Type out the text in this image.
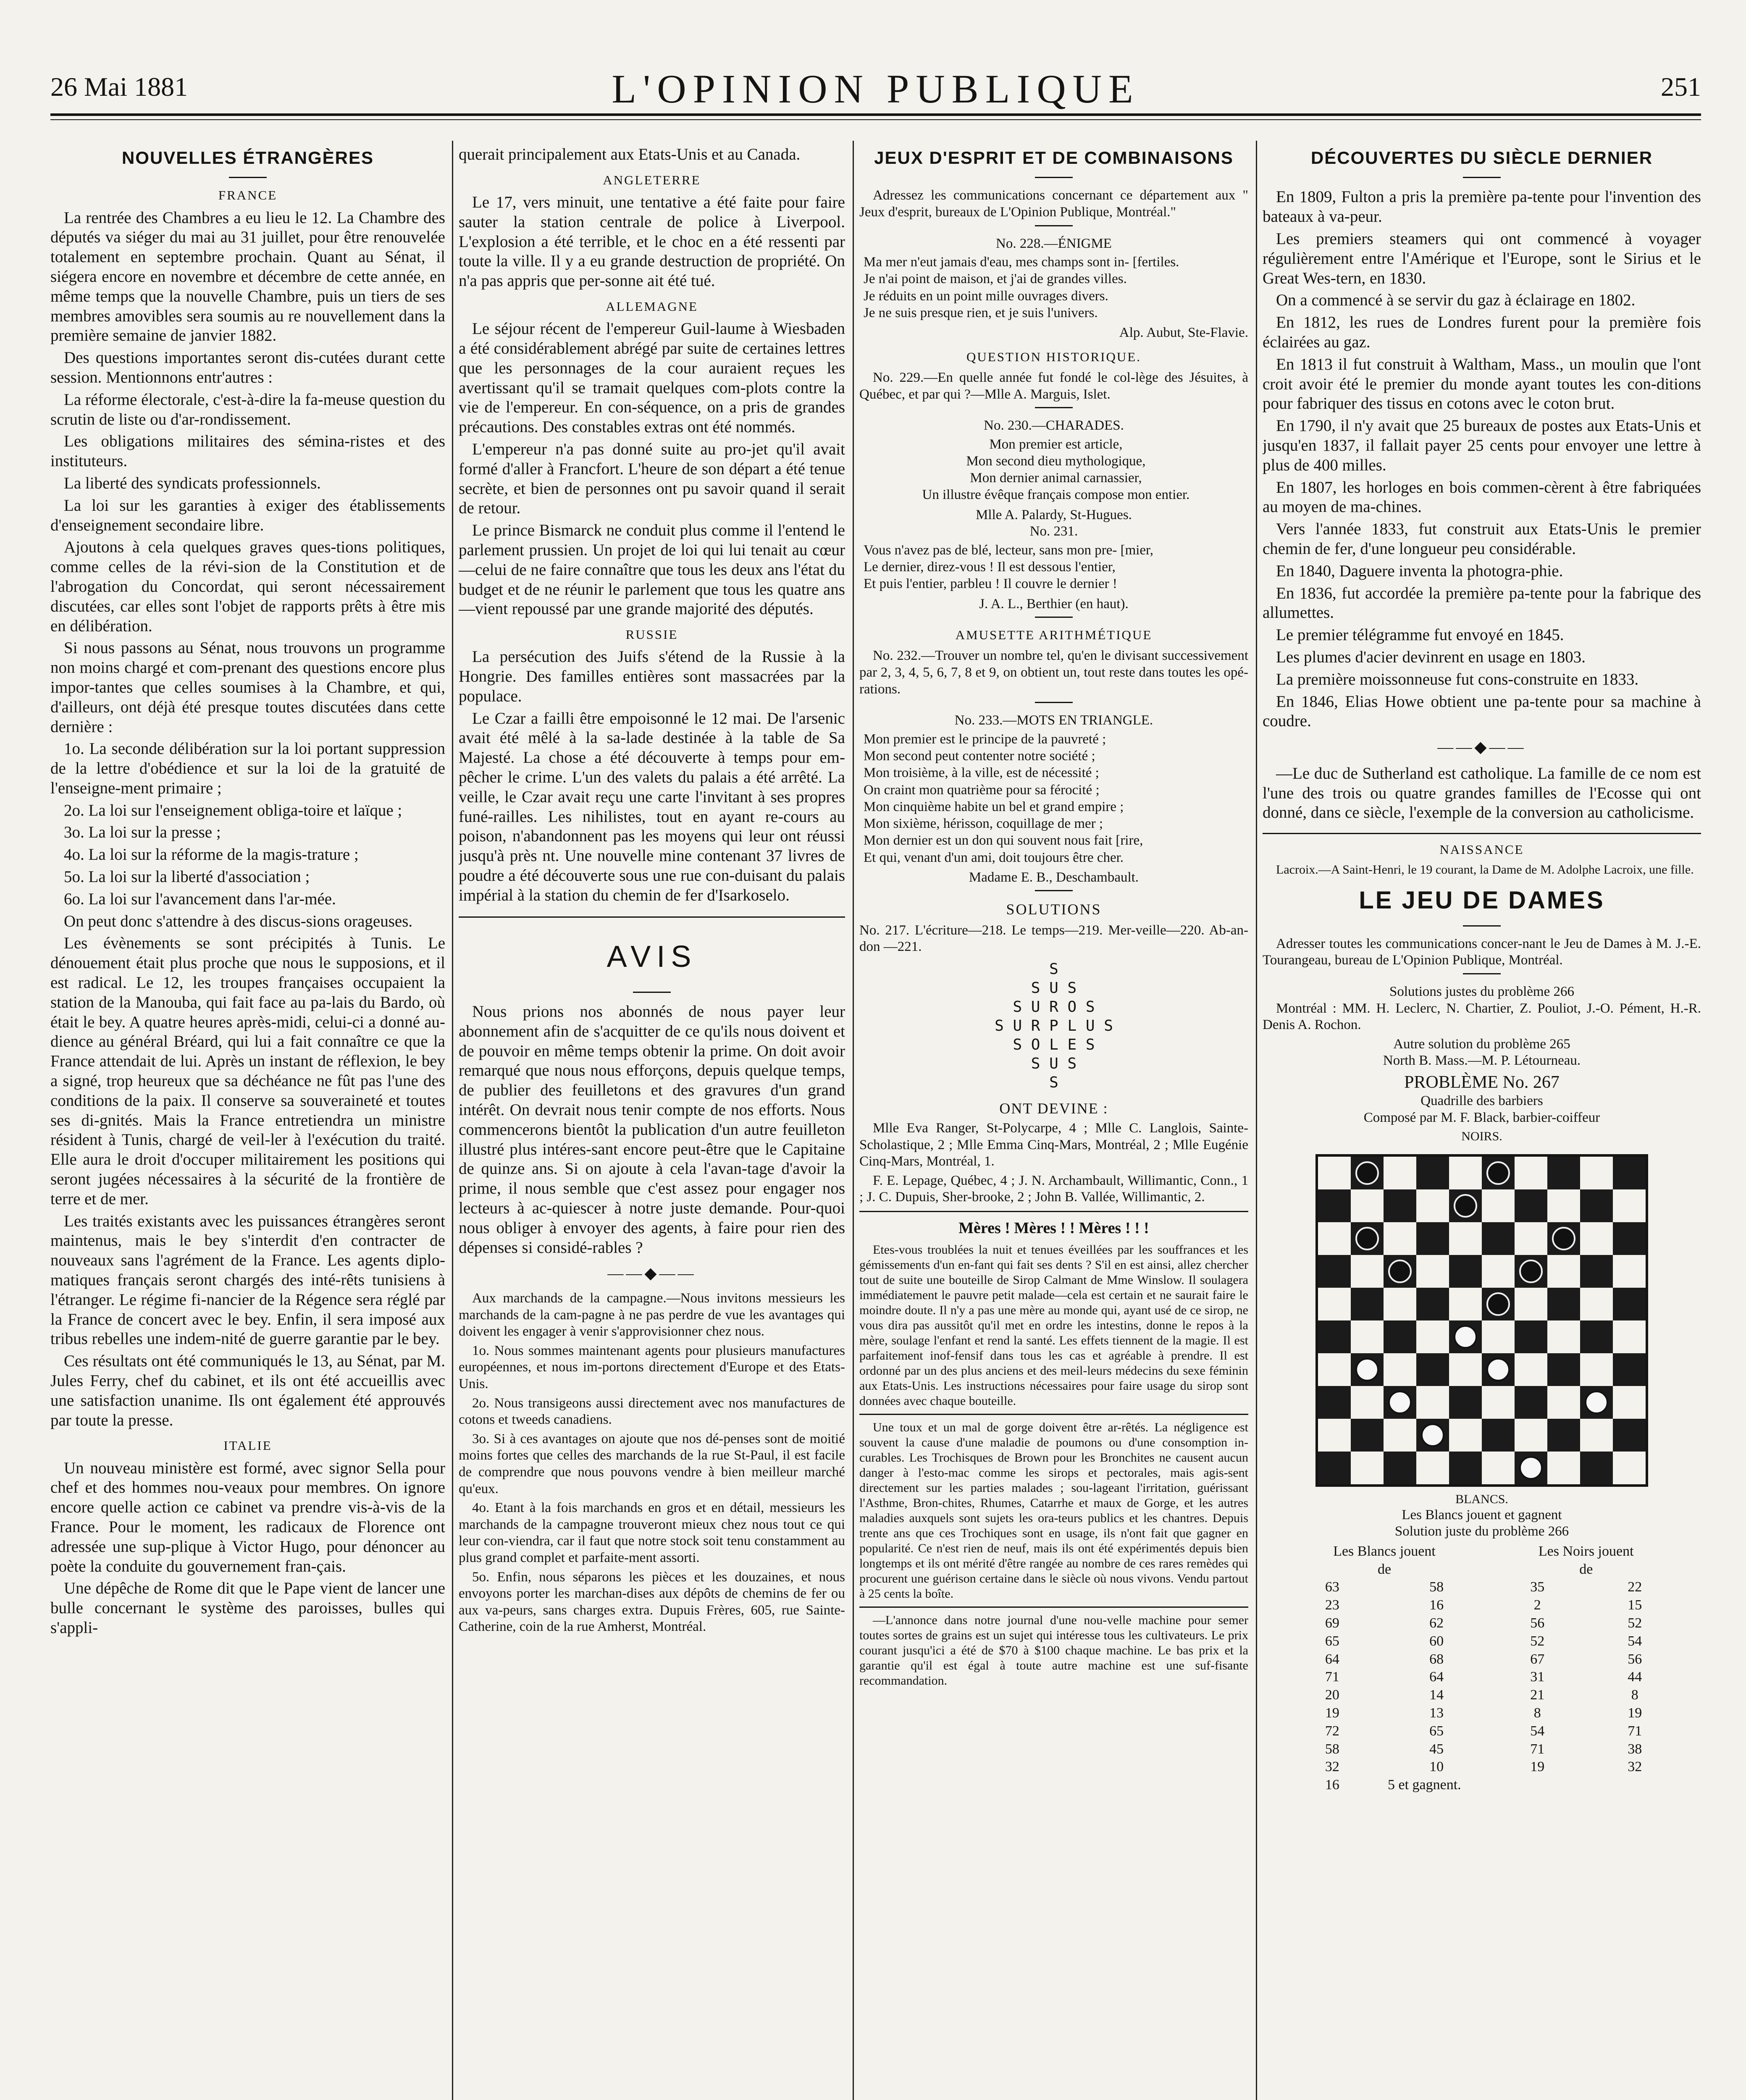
26 Mai 1881	L'OPINION PUBLIQUE	251
NOUVELLES ÉTRANGÈRES
FRANCE

La rentrée des Chambres a eu lieu le 12. La Chambre des députés va siéger du mai au 31 juillet, pour être renouvelée totalement en septembre prochain. Quant au Sénat, il siégera encore en novembre et décembre de cette année, en même temps que la nouvelle Chambre, puis un tiers de ses membres amovibles sera soumis au re nouvellement dans la première semaine de janvier 1882.

Des questions importantes seront dis-cutées durant cette session. Mentionnons entr'autres :

La réforme électorale, c'est-à-dire la fa-meuse question du scrutin de liste ou d'ar-rondissement.

Les obligations militaires des sémina-ristes et des instituteurs.

La liberté des syndicats professionnels.

La loi sur les garanties à exiger des établissements d'enseignement secondaire libre.

Ajoutons à cela quelques graves ques-tions politiques, comme celles de la révi-sion de la Constitution et de l'abrogation du Concordat, qui seront nécessairement discutées, car elles sont l'objet de rapports prêts à être mis en délibération.

Si nous passons au Sénat, nous trouvons un programme non moins chargé et com-prenant des questions encore plus impor-tantes que celles soumises à la Chambre, et qui, d'ailleurs, ont déjà été presque toutes discutées dans cette dernière :

1o. La seconde délibération sur la loi portant suppression de la lettre d'obédience et sur la loi de la gratuité de l'enseigne-ment primaire ;

2o. La loi sur l'enseignement obliga-toire et laïque ;

3o. La loi sur la presse ;

4o. La loi sur la réforme de la magis-trature ;

5o. La loi sur la liberté d'association ;

6o. La loi sur l'avancement dans l'ar-mée.

On peut donc s'attendre à des discus-sions orageuses.

Les évènements se sont précipités à Tunis. Le dénouement était plus proche que nous le supposions, et il est radical. Le 12, les troupes françaises occupaient la station de la Manouba, qui fait face au pa-lais du Bardo, où était le bey. A quatre heures après-midi, celui-ci a donné au-dience au général Bréard, qui lui a fait connaître ce que la France attendait de lui. Après un instant de réflexion, le bey a signé, trop heureux que sa déchéance ne fût pas l'une des conditions de la paix. Il conserve sa souveraineté et toutes ses di-gnités. Mais la France entretiendra un ministre résident à Tunis, chargé de veil-ler à l'exécution du traité. Elle aura le droit d'occuper militairement les positions qui seront jugées nécessaires à la sécurité de la frontière de terre et de mer.

Les traités existants avec les puissances étrangères seront maintenus, mais le bey s'interdit d'en contracter de nouveaux sans l'agrément de la France. Les agents diplo-matiques français seront chargés des inté-rêts tunisiens à l'étranger. Le régime fi-nancier de la Régence sera réglé par la France de concert avec le bey. Enfin, il sera imposé aux tribus rebelles une indem-nité de guerre garantie par le bey.

Ces résultats ont été communiqués le 13, au Sénat, par M. Jules Ferry, chef du cabinet, et ils ont été accueillis avec une satisfaction unanime. Ils ont également été approuvés par toute la presse.

ITALIE

Un nouveau ministère est formé, avec signor Sella pour chef et des hommes nou-veaux pour membres. On ignore encore quelle action ce cabinet va prendre vis-à-vis de la France. Pour le moment, les radicaux de Florence ont adressée une sup-plique à Victor Hugo, pour dénoncer au poète la conduite du gouvernement fran-çais.

Une dépêche de Rome dit que le Pape vient de lancer une bulle concernant le système des paroisses, bulles qui s'appli-

querait principalement aux Etats-Unis et au Canada.

ANGLETERRE

Le 17, vers minuit, une tentative a été faite pour faire sauter la station centrale de police à Liverpool. L'explosion a été terrible, et le choc en a été ressenti par toute la ville. Il y a eu grande destruction de propriété. On n'a pas appris que per-sonne ait été tué.

ALLEMAGNE

Le séjour récent de l'empereur Guil-laume à Wiesbaden a été considérablement abrégé par suite de certaines lettres que les personnages de la cour auraient reçues les avertissant qu'il se tramait quelques com-plots contre la vie de l'empereur. En con-séquence, on a pris de grandes précautions. Des constables extras ont été nommés.

L'empereur n'a pas donné suite au pro-jet qu'il avait formé d'aller à Francfort. L'heure de son départ a été tenue secrète, et bien de personnes ont pu savoir quand il serait de retour.

Le prince Bismarck ne conduit plus comme il l'entend le parlement prussien. Un projet de loi qui lui tenait au cœur—celui de ne faire connaître que tous les deux ans l'état du budget et de ne réunir le parlement que tous les quatre ans—vient repoussé par une grande majorité des députés.

RUSSIE

La persécution des Juifs s'étend de la Russie à la Hongrie. Des familles entières sont massacrées par la populace.

Le Czar a failli être empoisonné le 12 mai. De l'arsenic avait été mêlé à la sa-lade destinée à la table de Sa Majesté. La chose a été découverte à temps pour em-pêcher le crime. L'un des valets du palais a été arrêté. La veille, le Czar avait reçu une carte l'invitant à ses propres funé-railles. Les nihilistes, tout en ayant re-cours au poison, n'abandonnent pas les moyens qui leur ont réussi jusqu'à près nt. Une nouvelle mine contenant 37 livres de poudre a été découverte sous une rue con-duisant du palais impérial à la station du chemin de fer d'Isarkoselo.

AVIS

Nous prions nos abonnés de nous payer leur abonnement afin de s'acquitter de ce qu'ils nous doivent et de pouvoir en même temps obtenir la prime. On doit avoir remarqué que nous nous efforçons, depuis quelque temps, de publier des feuilletons et des gravures d'un grand intérêt. On devrait nous tenir compte de nos efforts. Nous commencerons bientôt la publication d'un autre feuilleton illustré plus intéres-sant encore peut-être que le Capitaine de quinze ans. Si on ajoute à cela l'avan-tage d'avoir la prime, il nous semble que c'est assez pour engager nos lecteurs à ac-quiescer à notre juste demande. Pour-quoi nous obliger à envoyer des agents, à faire pour rien des dépenses si considé-rables ?

——◆——

Aux marchands de la campagne.—Nous invitons messieurs les marchands de la cam-pagne à ne pas perdre de vue les avantages qui doivent les engager à venir s'approvisionner chez nous.

1o. Nous sommes maintenant agents pour plusieurs manufactures européennes, et nous im-portons directement d'Europe et des Etats-Unis.

2o. Nous transigeons aussi directement avec nos manufactures de cotons et tweeds canadiens.

3o. Si à ces avantages on ajoute que nos dé-penses sont de moitié moins fortes que celles des marchands de la rue St-Paul, il est facile de comprendre que nous pouvons vendre à bien meilleur marché qu'eux.

4o. Etant à la fois marchands en gros et en détail, messieurs les marchands de la campagne trouveront mieux chez nous tout ce qui leur con-viendra, car il faut que notre stock soit tenu constamment au plus grand complet et parfaite-ment assorti.

5o. Enfin, nous séparons les pièces et les douzaines, et nous envoyons porter les marchan-dises aux dépôts de chemins de fer ou aux va-peurs, sans charges extra. Dupuis Frères, 605, rue Sainte-Catherine, coin de la rue Amherst, Montréal.

JEUX D'ESPRIT ET DE COMBINAISONS

Adressez les communications concernant ce département aux " Jeux d'esprit, bureaux de L'Opinion Publique, Montréal."

No. 228.—ÉNIGME
Ma mer n'eut jamais d'eau, mes champs sont in- [fertiles.
Je n'ai point de maison, et j'ai de grandes villes.
Je réduits en un point mille ouvrages divers.
Je ne suis presque rien, et je suis l'univers.
Alp. Aubut, Ste-Flavie.
QUESTION HISTORIQUE.

No. 229.—En quelle année fut fondé le col-lège des Jésuites, à Québec, et par qui ?—Mlle A. Marguis, Islet.

No. 230.—CHARADES.
Mon premier est article,
Mon second dieu mythologique,
Mon dernier animal carnassier,
Un illustre évêque français compose mon entier.
Mlle A. Palardy, St-Hugues.
No. 231.
Vous n'avez pas de blé, lecteur, sans mon pre- [mier,
Le dernier, direz-vous ! Il est dessous l'entier,
Et puis l'entier, parbleu ! Il couvre le dernier !
J. A. L., Berthier (en haut).
AMUSETTE ARITHMÉTIQUE

No. 232.—Trouver un nombre tel, qu'en le divisant successivement par 2, 3, 4, 5, 6, 7, 8 et 9, on obtient un, tout reste dans toutes les opé-rations.

No. 233.—MOTS EN TRIANGLE.
Mon premier est le principe de la pauvreté ;
Mon second peut contenter notre société ;
Mon troisième, à la ville, est de nécessité ;
On craint mon quatrième pour sa férocité ;
Mon cinquième habite un bel et grand empire ;
Mon sixième, hérisson, coquillage de mer ;
Mon dernier est un don qui souvent nous fait [rire,
Et qui, venant d'un ami, doit toujours être cher.
Madame E. B., Deschambault.
SOLUTIONS

No. 217. L'écriture—218. Le temps—219. Mer-veille—220. Ab-an-don —221.

S
S U S
S U R O S
S U R P L U S
S O L E S
S U S
S
ONT DEVINE :

Mlle Eva Ranger, St-Polycarpe, 4 ; Mlle C. Langlois, Sainte-Scholastique, 2 ; Mlle Emma Cinq-Mars, Montréal, 2 ; Mlle Eugénie Cinq-Mars, Montréal, 1.

F. E. Lepage, Québec, 4 ; J. N. Archambault, Willimantic, Conn., 1 ; J. C. Dupuis, Sher-brooke, 2 ; John B. Vallée, Willimantic, 2.

Mères ! Mères ! ! Mères ! ! !

Etes-vous troublées la nuit et tenues éveillées par les souffrances et les gémissements d'un en-fant qui fait ses dents ? S'il en est ainsi, allez chercher tout de suite une bouteille de Sirop Calmant de Mme Winslow. Il soulagera immédiatement le pauvre petit malade—cela est certain et ne saurait faire le moindre doute. Il n'y a pas une mère au monde qui, ayant usé de ce sirop, ne vous dira pas aussitôt qu'il met en ordre les intestins, donne le repos à la mère, soulage l'enfant et rend la santé. Les effets tiennent de la magie. Il est parfaitement inof-fensif dans tous les cas et agréable à prendre. Il est ordonné par un des plus anciens et des meil-leurs médecins du sexe féminin aux Etats-Unis. Les instructions nécessaires pour faire usage du sirop sont données avec chaque bouteille.

Une toux et un mal de gorge doivent être ar-rêtés. La négligence est souvent la cause d'une maladie de poumons ou d'une consomption in-curables. Les Trochisques de Brown pour les Bronchites ne causent aucun danger à l'esto-mac comme les sirops et pectorales, mais agis-sent directement sur les parties malades ; sou-lageant l'irritation, guérissant l'Asthme, Bron-chites, Rhumes, Catarrhe et maux de Gorge, et les autres maladies auxquels sont sujets les ora-teurs publics et les chantres. Depuis trente ans que ces Trochiques sont en usage, ils n'ont fait que gagner en popularité. Ce n'est rien de neuf, mais ils ont été expérimentés depuis bien longtemps et ils ont mérité d'être rangée au nombre de ces rares remèdes qui procurent une guérison certaine dans le siècle où nous vivons. Vendu partout à 25 cents la boîte.

—L'annonce dans notre journal d'une nou-velle machine pour semer toutes sortes de grains est un sujet qui intéresse tous les cultivateurs. Le prix courant jusqu'ici a été de $70 à $100 chaque machine. Le bas prix et la garantie qu'il est égal à toute autre machine est une suf-fisante recommandation.

DÉCOUVERTES DU SIÈCLE DERNIER

En 1809, Fulton a pris la première pa-tente pour l'invention des bateaux à va-peur.

Les premiers steamers qui ont commencé à voyager régulièrement entre l'Amérique et l'Europe, sont le Sirius et le Great Wes-tern, en 1830.

On a commencé à se servir du gaz à éclairage en 1802.

En 1812, les rues de Londres furent pour la première fois éclairées au gaz.

En 1813 il fut construit à Waltham, Mass., un moulin que l'ont croit avoir été le premier du monde ayant toutes les con-ditions pour fabriquer des tissus en cotons avec le coton brut.

En 1790, il n'y avait que 25 bureaux de postes aux Etats-Unis et jusqu'en 1837, il fallait payer 25 cents pour envoyer une lettre à plus de 400 milles.

En 1807, les horloges en bois commen-cèrent à être fabriquées au moyen de ma-chines.

Vers l'année 1833, fut construit aux Etats-Unis le premier chemin de fer, d'une longueur peu considérable.

En 1840, Daguere inventa la photogra-phie.

En 1836, fut accordée la première pa-tente pour la fabrique des allumettes.

Le premier télégramme fut envoyé en 1845.

Les plumes d'acier devinrent en usage en 1803.

La première moissonneuse fut cons-construite en 1833.

En 1846, Elias Howe obtient une pa-tente pour sa machine à coudre.

——◆——

—Le duc de Sutherland est catholique. La famille de ce nom est l'une des trois ou quatre grandes familles de l'Ecosse qui ont donné, dans ce siècle, l'exemple de la conversion au catholicisme.

NAISSANCE

Lacroix.—A Saint-Henri, le 19 courant, la Dame de M. Adolphe Lacroix, une fille.

LE JEU DE DAMES

Adresser toutes les communications concer-nant le Jeu de Dames à M. J.-E. Tourangeau, bureau de L'Opinion Publique, Montréal.

Solutions justes du problème 266

Montréal : MM. H. Leclerc, N. Chartier, Z. Pouliot, J.-O. Pément, H.-R. Denis A. Rochon.

Autre solution du problème 265
North B. Mass.—M. P. Létourneau.
PROBLÈME No. 267
Quadrille des barbiers
Composé par M. F. Black, barbier-coiffeur
NOIRS.
BLANCS.
Les Blancs jouent et gagnent
Solution juste du problème 266
Les Blancs jouent		Les Noirs jouent	
de		de	
63	58	35	22
23	16	2	15
69	62	56	52
65	60	52	54
64	68	67	56
71	64	31	44
20	14	21	8
19	13	8	19
72	65	54	71
58	45	71	38
32	10	19	32
16	5 et gagnent.		
